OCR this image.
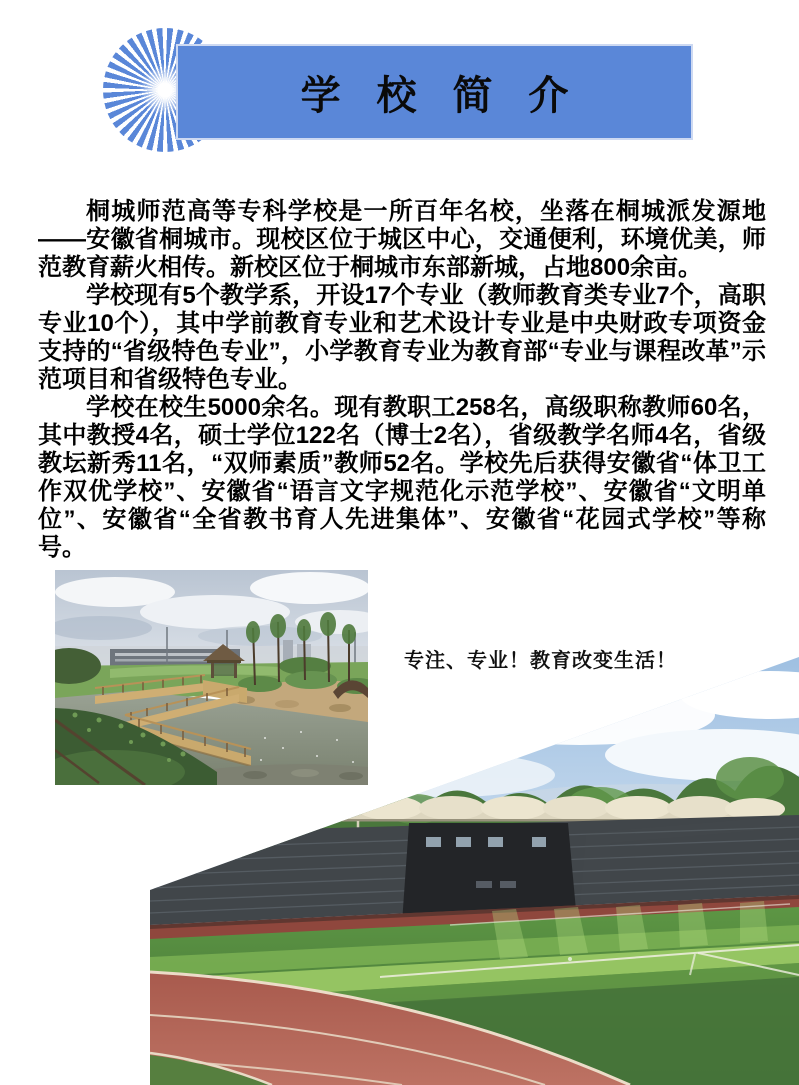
学 校 简 介

桐城师范高等专科学校是一所百年名校，坐落在桐城派发源地——安徽省桐城市。现校区位于城区中心，交通便利，环境优美，师范教育薪火相传。新校区位于桐城市东部新城，占地800余亩。

学校现有5个教学系，开设17个专业（教师教育类专业7个，高职专业10个），其中学前教育专业和艺术设计专业是中央财政专项资金支持的“省级特色专业”，小学教育专业为教育部“专业与课程改革”示范项目和省级特色专业。

学校在校生5000余名。现有教职工258名，高级职称教师60名，其中教授4名，硕士学位122名（博士2名），省级教学名师4名，省级教坛新秀11名，“双师素质”教师52名。学校先后获得安徽省“体卫工作双优学校”、安徽省“语言文字规范化示范学校”、安徽省“文明单位”、安徽省“全省教书育人先进集体”、安徽省“花园式学校”等称号。

专注、专业！教育改变生活！
